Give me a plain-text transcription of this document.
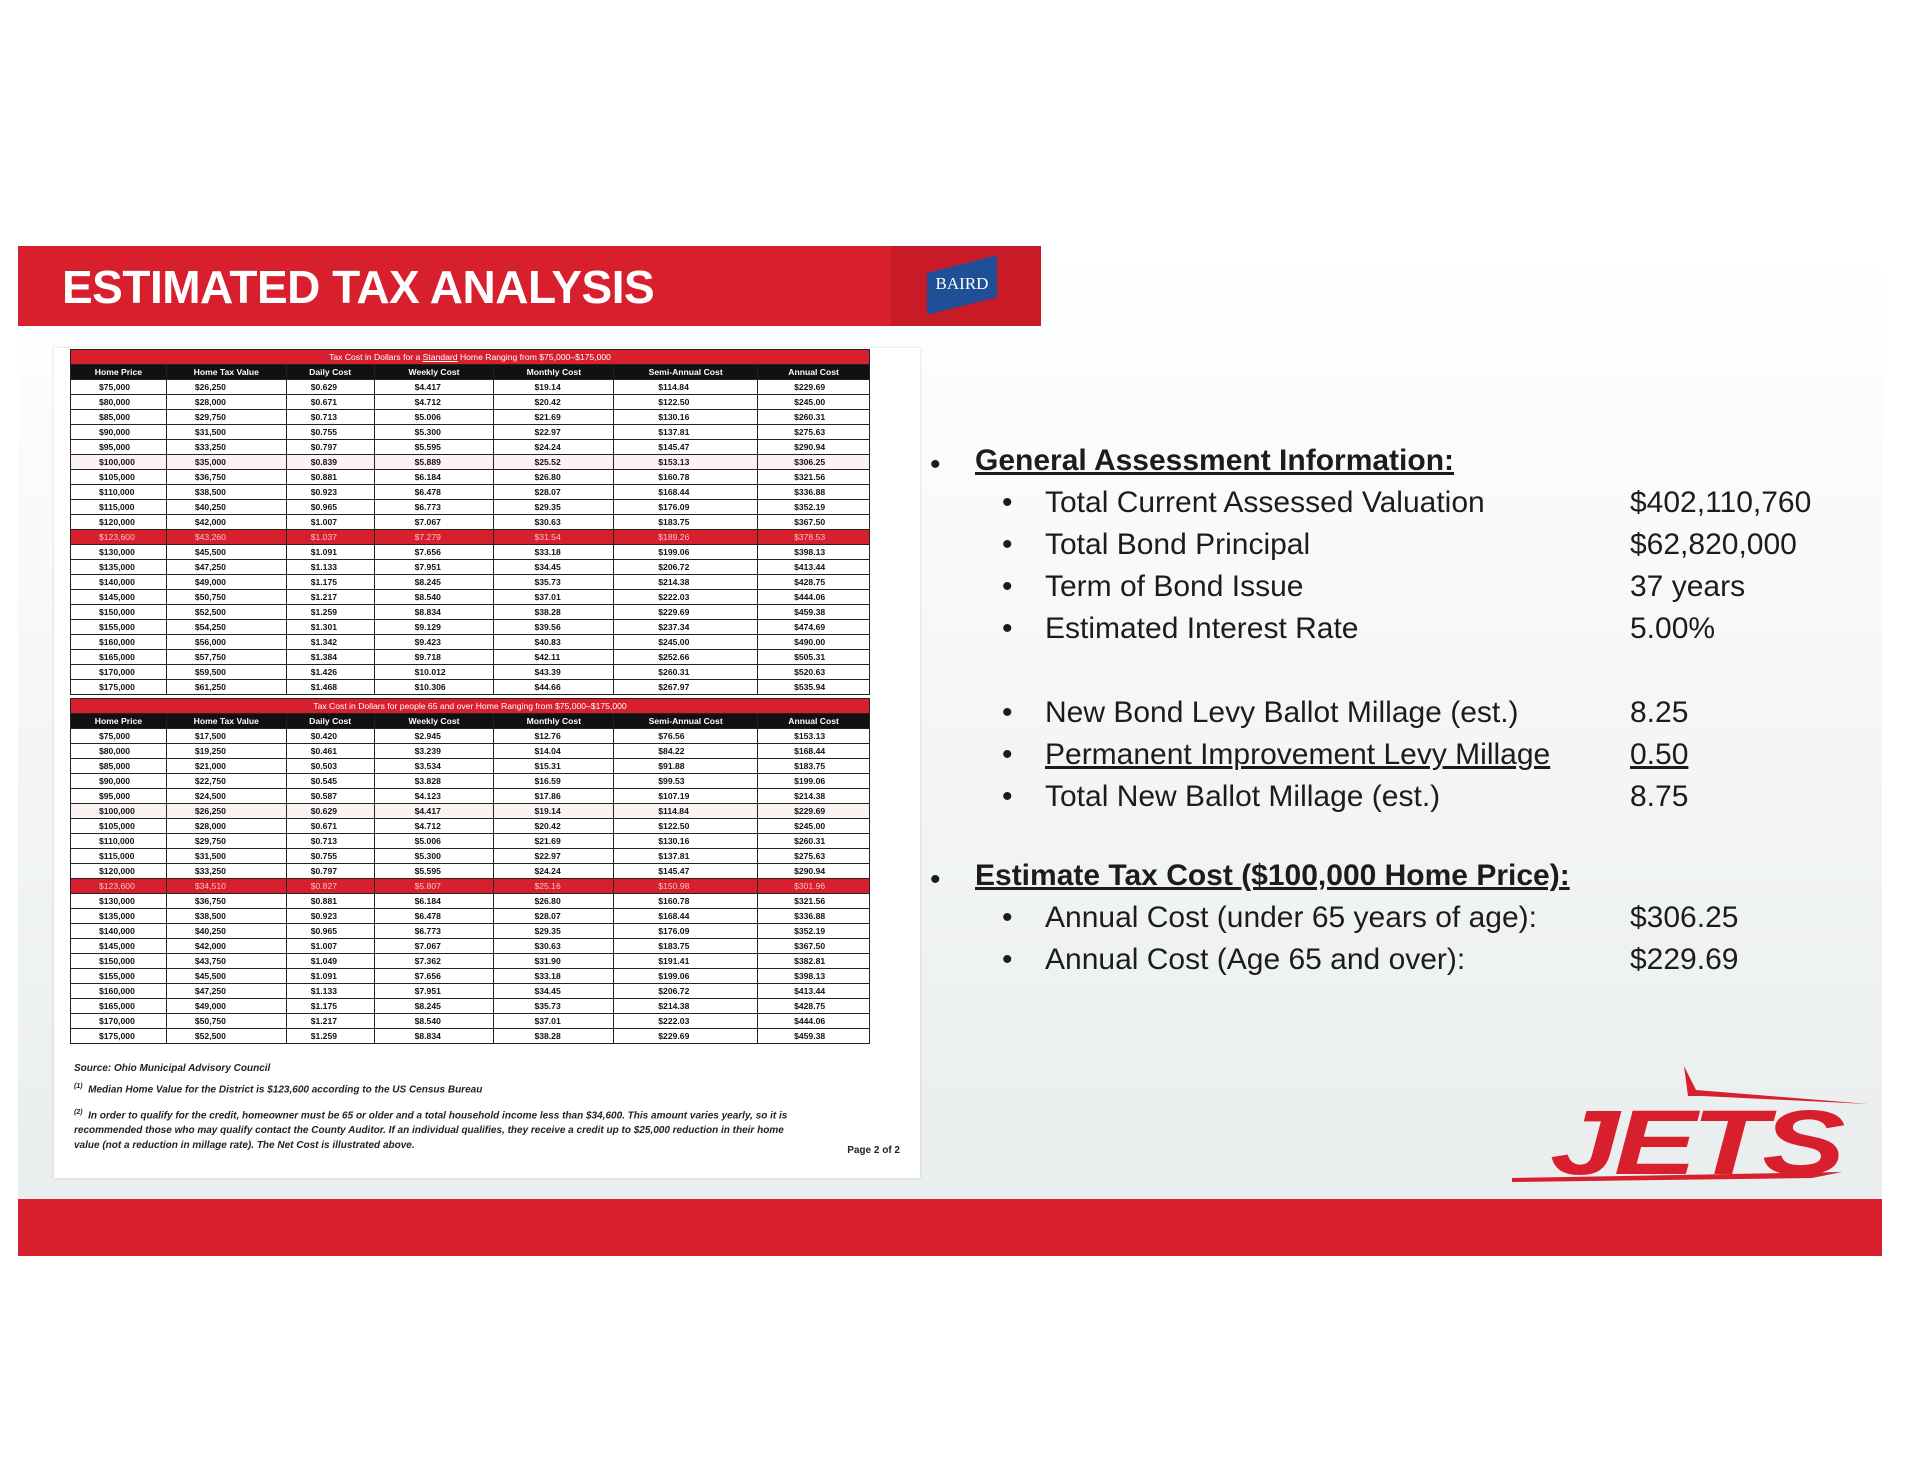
ESTIMATED TAX ANALYSIS	BAIRD
Tax Cost in Dollars for a Standard Home Ranging from $75,000–$175,000
Home Price	Home Tax Value	Daily Cost	Weekly Cost	Monthly Cost	Semi-Annual Cost	Annual Cost
$75,000	$26,250	$0.629	$4.417	$19.14	$114.84	$229.69
$80,000	$28,000	$0.671	$4.712	$20.42	$122.50	$245.00
$85,000	$29,750	$0.713	$5.006	$21.69	$130.16	$260.31
$90,000	$31,500	$0.755	$5.300	$22.97	$137.81	$275.63
$95,000	$33,250	$0.797	$5.595	$24.24	$145.47	$290.94
$100,000	$35,000	$0.839	$5.889	$25.52	$153.13	$306.25
$105,000	$36,750	$0.881	$6.184	$26.80	$160.78	$321.56
$110,000	$38,500	$0.923	$6.478	$28.07	$168.44	$336.88
$115,000	$40,250	$0.965	$6.773	$29.35	$176.09	$352.19
$120,000	$42,000	$1.007	$7.067	$30.63	$183.75	$367.50
$123,600	$43,260	$1.037	$7.279	$31.54	$189.26	$378.53
$130,000	$45,500	$1.091	$7.656	$33.18	$199.06	$398.13
$135,000	$47,250	$1.133	$7.951	$34.45	$206.72	$413.44
$140,000	$49,000	$1.175	$8.245	$35.73	$214.38	$428.75
$145,000	$50,750	$1.217	$8.540	$37.01	$222.03	$444.06
$150,000	$52,500	$1.259	$8.834	$38.28	$229.69	$459.38
$155,000	$54,250	$1.301	$9.129	$39.56	$237.34	$474.69
$160,000	$56,000	$1.342	$9.423	$40.83	$245.00	$490.00
$165,000	$57,750	$1.384	$9.718	$42.11	$252.66	$505.31
$170,000	$59,500	$1.426	$10.012	$43.39	$260.31	$520.63
$175,000	$61,250	$1.468	$10.306	$44.66	$267.97	$535.94
Tax Cost in Dollars for people 65 and over Home Ranging from $75,000–$175,000
Home Price	Home Tax Value	Daily Cost	Weekly Cost	Monthly Cost	Semi-Annual Cost	Annual Cost
$75,000	$17,500	$0.420	$2.945	$12.76	$76.56	$153.13
$80,000	$19,250	$0.461	$3.239	$14.04	$84.22	$168.44
$85,000	$21,000	$0.503	$3.534	$15.31	$91.88	$183.75
$90,000	$22,750	$0.545	$3.828	$16.59	$99.53	$199.06
$95,000	$24,500	$0.587	$4.123	$17.86	$107.19	$214.38
$100,000	$26,250	$0.629	$4.417	$19.14	$114.84	$229.69
$105,000	$28,000	$0.671	$4.712	$20.42	$122.50	$245.00
$110,000	$29,750	$0.713	$5.006	$21.69	$130.16	$260.31
$115,000	$31,500	$0.755	$5.300	$22.97	$137.81	$275.63
$120,000	$33,250	$0.797	$5.595	$24.24	$145.47	$290.94
$123,600	$34,510	$0.827	$5.807	$25.16	$150.98	$301.96
$130,000	$36,750	$0.881	$6.184	$26.80	$160.78	$321.56
$135,000	$38,500	$0.923	$6.478	$28.07	$168.44	$336.88
$140,000	$40,250	$0.965	$6.773	$29.35	$176.09	$352.19
$145,000	$42,000	$1.007	$7.067	$30.63	$183.75	$367.50
$150,000	$43,750	$1.049	$7.362	$31.90	$191.41	$382.81
$155,000	$45,500	$1.091	$7.656	$33.18	$199.06	$398.13
$160,000	$47,250	$1.133	$7.951	$34.45	$206.72	$413.44
$165,000	$49,000	$1.175	$8.245	$35.73	$214.38	$428.75
$170,000	$50,750	$1.217	$8.540	$37.01	$222.03	$444.06
$175,000	$52,500	$1.259	$8.834	$38.28	$229.69	$459.38
Source: Ohio Municipal Advisory Council
$^{(1)}$ Median Home Value for the District is $123,600 according to the US Census Bureau
$^{(2)}$ In order to qualify for the credit, homeowner must be 65 or older and a total household income less than $34,600. This amount varies yearly, so it is
recommended those who may qualify contact the County Auditor. If an individual qualifies, they receive a credit up to $25,000 reduction in their home
value (not a reduction in millage rate). The Net Cost is illustrated above.	Page 2 of 2
• General Assessment Information:
• Total Current Assessed Valuation	$402,110,760
• Total Bond Principal	$62,820,000
• Term of Bond Issue	37 years
• Estimated Interest Rate	5.00%
• New Bond Levy Ballot Millage (est.)	8.25
• Permanent Improvement Levy Millage	0.50
• Total New Ballot Millage (est.)	8.75
• Estimate Tax Cost ($100,000 Home Price):
• Annual Cost (under 65 years of age):	$306.25
• Annual Cost (Age 65 and over):	$229.69
JETS
